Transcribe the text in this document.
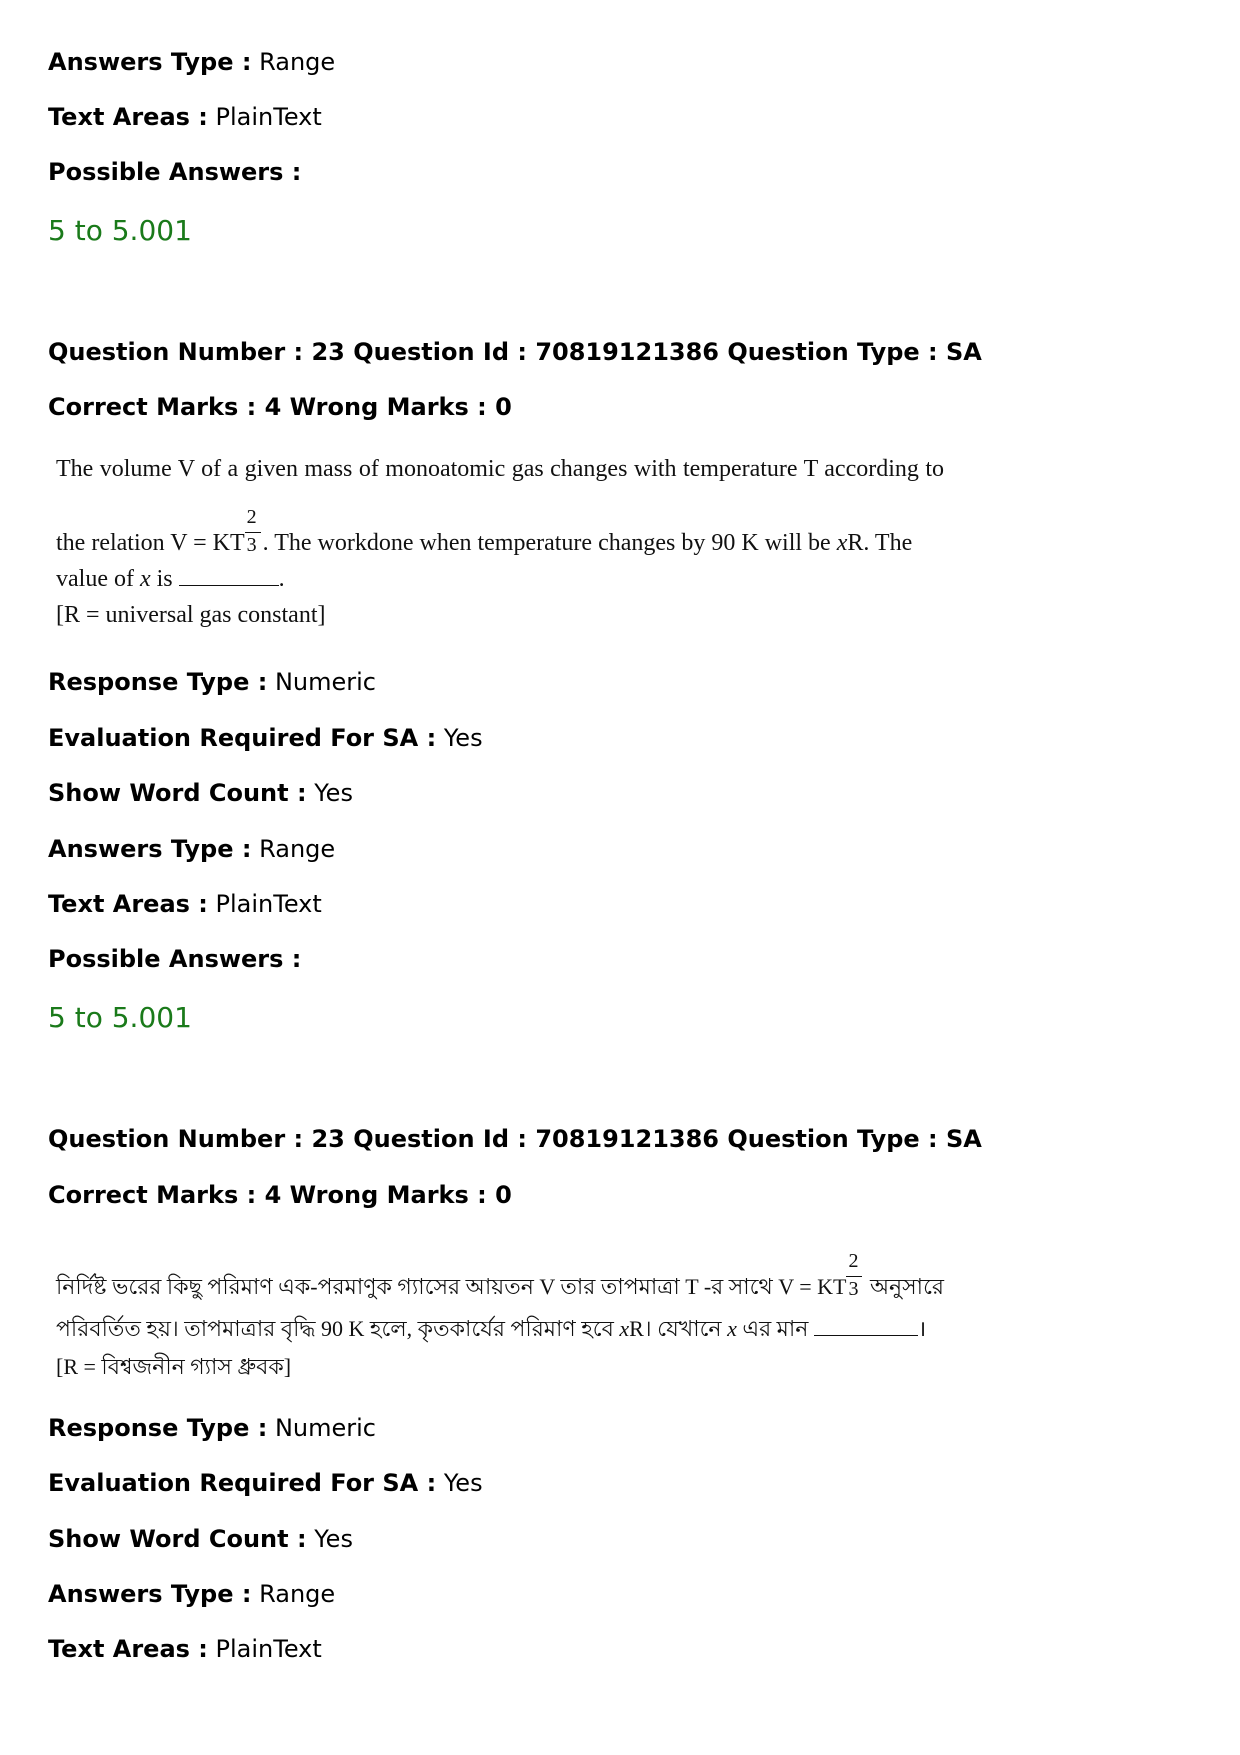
Answers Type : Range
Text Areas : PlainText
Possible Answers :
5 to 5.001
Question Number : 23 Question Id : 70819121386 Question Type : SA
Correct Marks : 4 Wrong Marks : 0
The volume V of a given mass of monoatomic gas changes with temperature T according to
the relation V = KT
$\frac{2}{3}$
. The workdone when temperature changes by 90 K will be xR. The
value of x is	.
[R = universal gas constant]
Response Type : Numeric
Evaluation Required For SA : Yes
Show Word Count : Yes
Answers Type : Range
Text Areas : PlainText
Possible Answers :
5 to 5.001
Question Number : 23 Question Id : 70819121386 Question Type : SA
Correct Marks : 4 Wrong Marks : 0
নির্দিষ্ট ভরের কিছু পরিমাণ এক-পরমাণুক গ্যাসের আয়তন V তার তাপমাত্রা T -র সাথে V = KT
$\frac{2}{3}$
অনুসারে
পরিবর্তিত হয়। তাপমাত্রার বৃদ্ধি 90 K হলে, কৃতকার্যের পরিমাণ হবে xR। যেখানে x এর মান	।
[R = বিশ্বজনীন গ্যাস ধ্রুবক]
Response Type : Numeric
Evaluation Required For SA : Yes
Show Word Count : Yes
Answers Type : Range
Text Areas : PlainText
